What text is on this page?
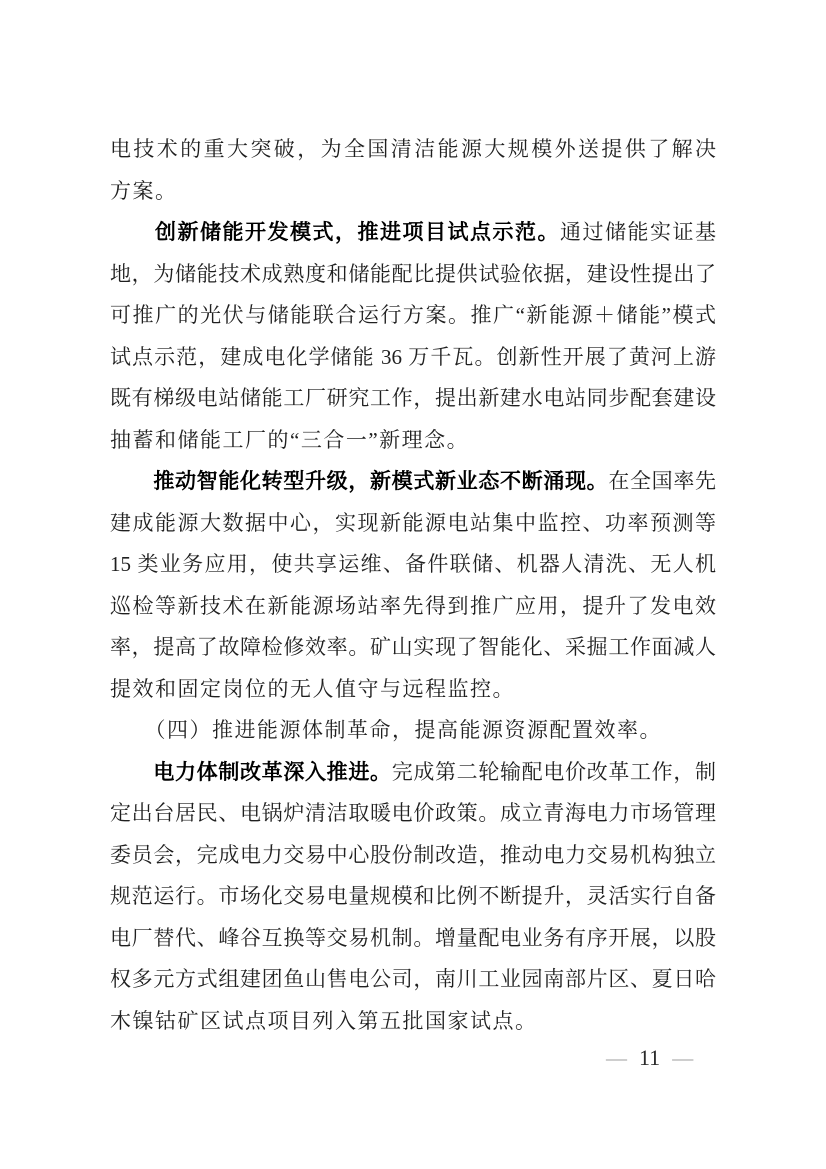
电技术的重大突破，为全国清洁能源大规模外送提供了解决
方案。
　　创新储能开发模式，推进项目试点示范。通过储能实证基
地，为储能技术成熟度和储能配比提供试验依据，建设性提出了
可推广的光伏与储能联合运行方案。推广“新能源＋储能”模式
试点示范，建成电化学储能 36 万千瓦。创新性开展了黄河上游
既有梯级电站储能工厂研究工作，提出新建水电站同步配套建设
抽蓄和储能工厂的“三合一”新理念。
　　推动智能化转型升级，新模式新业态不断涌现。在全国率先
建成能源大数据中心，实现新能源电站集中监控、功率预测等
15 类业务应用，使共享运维、备件联储、机器人清洗、无人机
巡检等新技术在新能源场站率先得到推广应用，提升了发电效
率，提高了故障检修效率。矿山实现了智能化、采掘工作面减人
提效和固定岗位的无人值守与远程监控。
　　（四）推进能源体制革命，提高能源资源配置效率。
　　电力体制改革深入推进。完成第二轮输配电价改革工作，制
定出台居民、电锅炉清洁取暖电价政策。成立青海电力市场管理
委员会，完成电力交易中心股份制改造，推动电力交易机构独立
规范运行。市场化交易电量规模和比例不断提升，灵活实行自备
电厂替代、峰谷互换等交易机制。增量配电业务有序开展，以股
权多元方式组建团鱼山售电公司，南川工业园南部片区、夏日哈
木镍钴矿区试点项目列入第五批国家试点。
— 11 —
